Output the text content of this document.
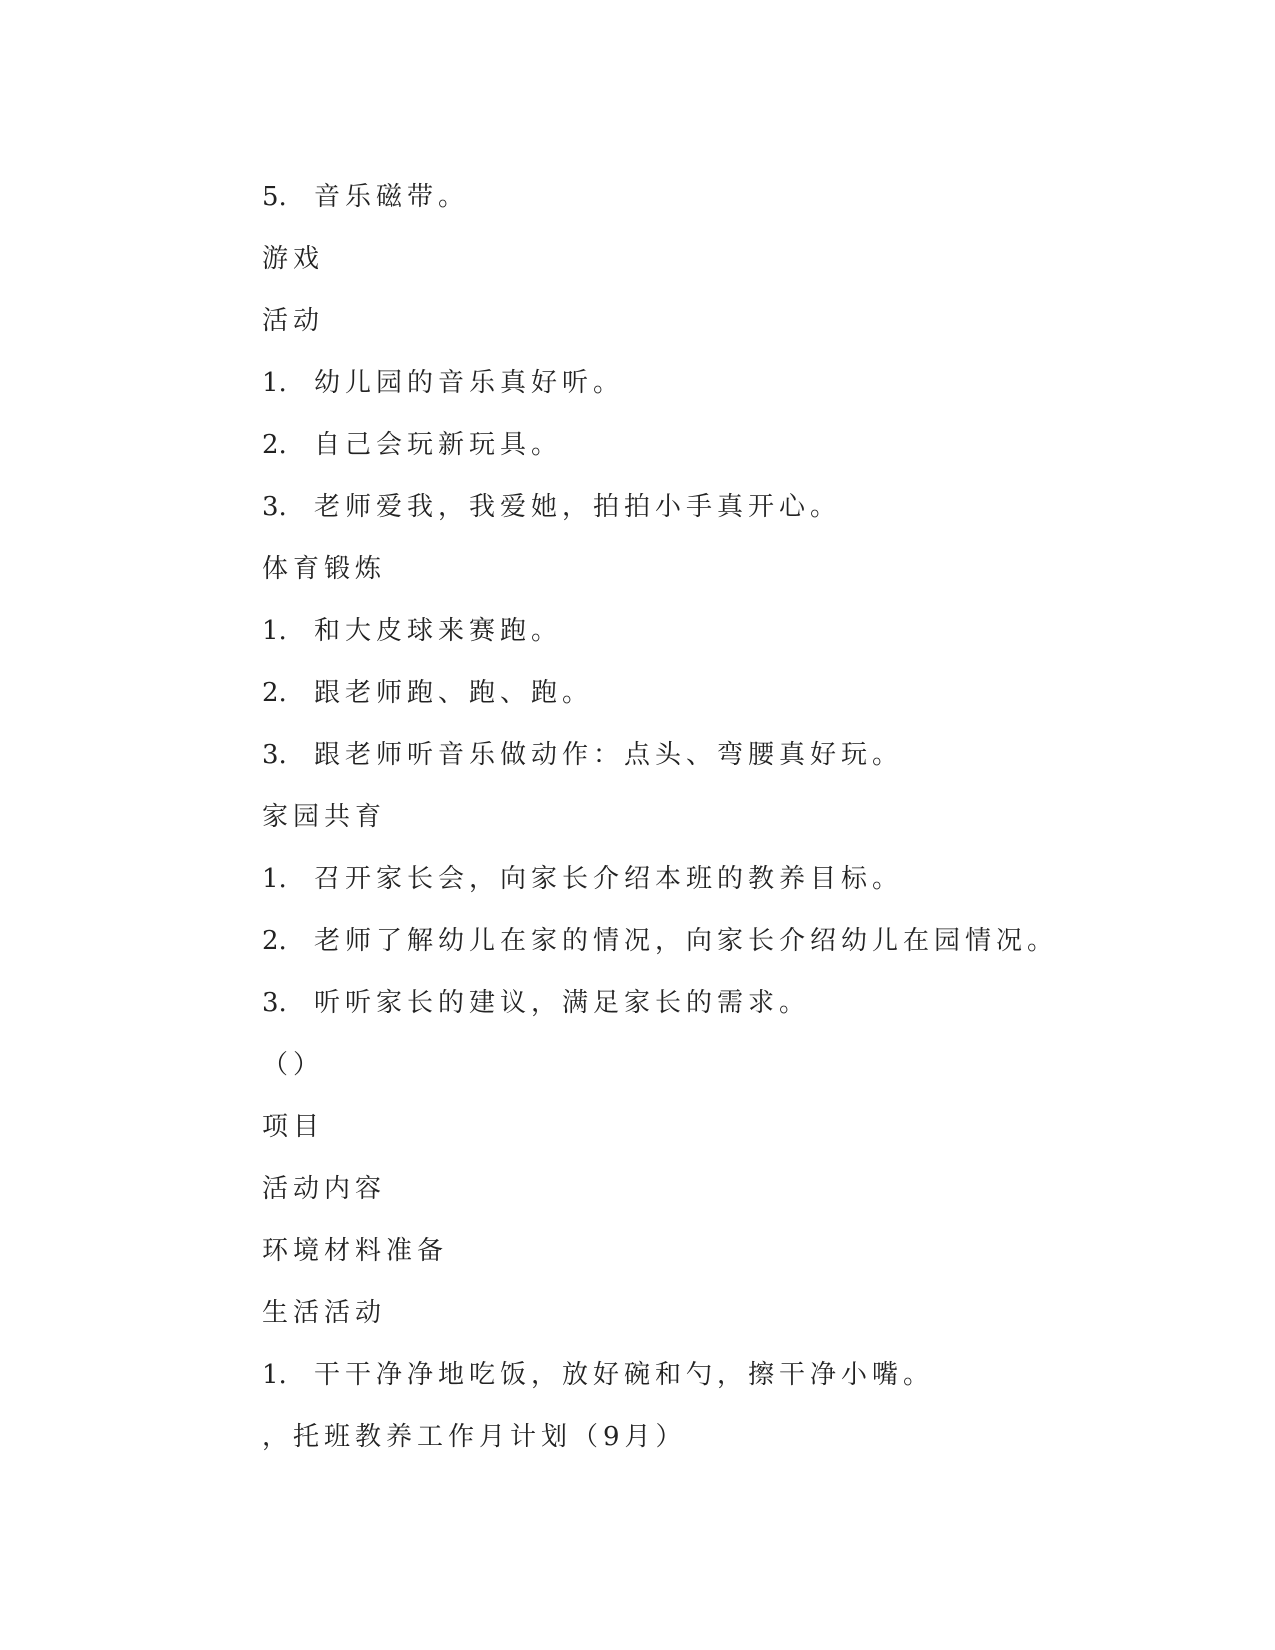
5. 音乐磁带。
游戏
活动
1. 幼儿园的音乐真好听。
2. 自己会玩新玩具。
3. 老师爱我，我爱她，拍拍小手真开心。
体育锻炼
1. 和大皮球来赛跑。
2. 跟老师跑、跑、跑。
3. 跟老师听音乐做动作：点头、弯腰真好玩。
家园共育
1. 召开家长会，向家长介绍本班的教养目标。
2. 老师了解幼儿在家的情况，向家长介绍幼儿在园情况。
3. 听听家长的建议，满足家长的需求。
（）
项目
活动内容
环境材料准备
生活活动
1. 干干净净地吃饭，放好碗和勺，擦干净小嘴。
，托班教养工作月计划（9月）
